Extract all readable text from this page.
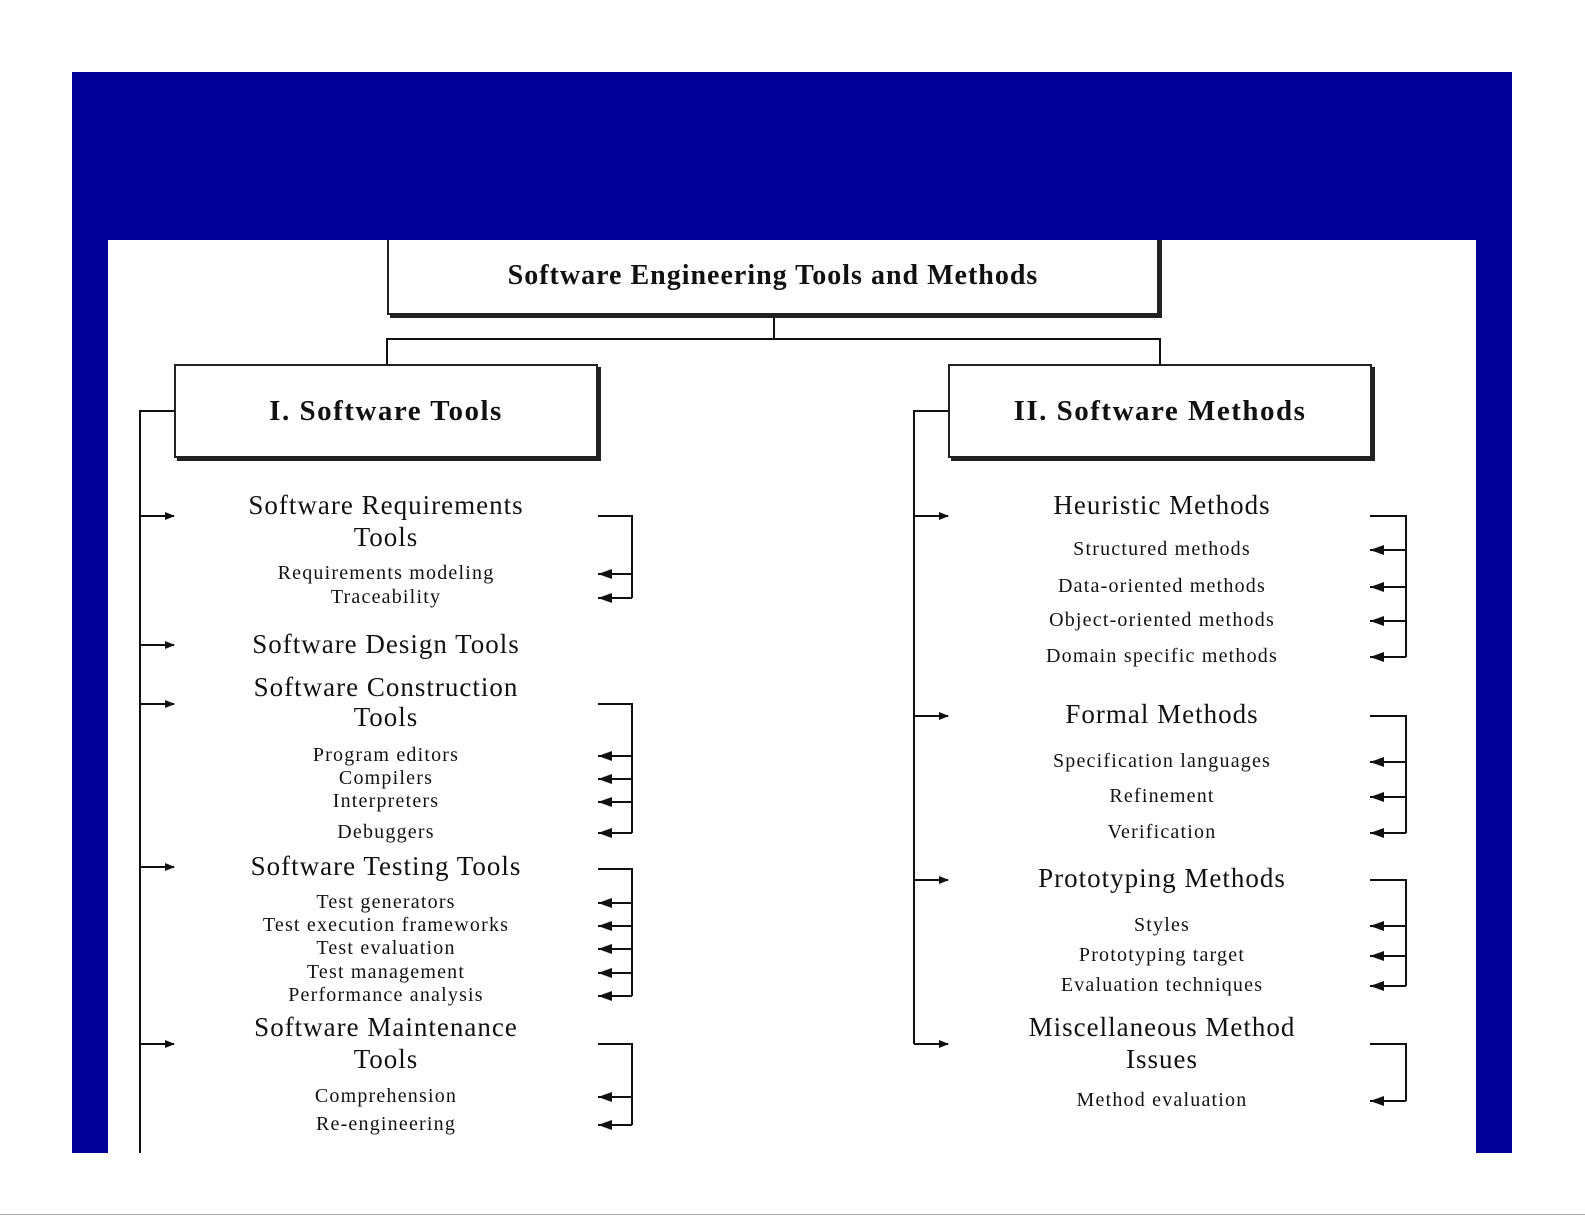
Software Engineering Tools and Methods
I. Software Tools	II. Software Methods
Software Requirements
Tools
Requirements modeling
Traceability
Software Design Tools
Software Construction
Tools
Program editors
Compilers
Interpreters
Debuggers
Software Testing Tools
Test generators
Test execution frameworks
Test evaluation
Test management
Performance analysis
Software Maintenance
Tools
Comprehension
Re-engineering
Heuristic Methods
Structured methods
Data-oriented methods
Object-oriented methods
Domain specific methods
Formal Methods
Specification languages
Refinement
Verification
Prototyping Methods
Styles
Prototyping target
Evaluation techniques
Miscellaneous Method
Issues
Method evaluation
